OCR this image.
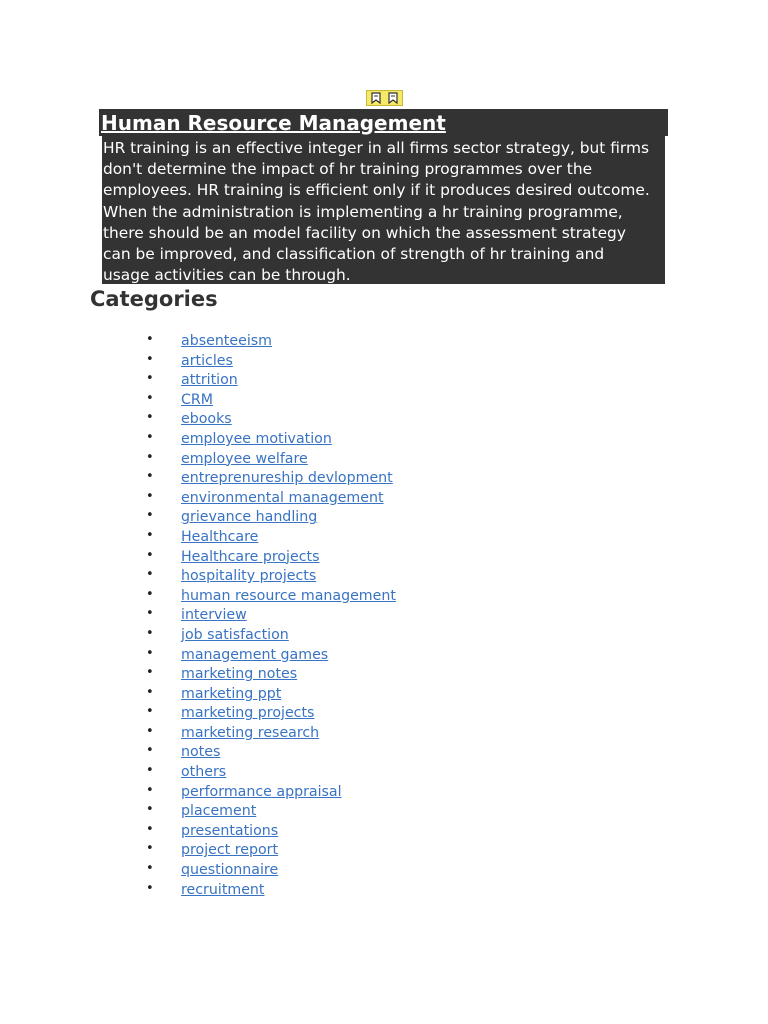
Human Resource Management

HR training is an effective integer in all firms sector strategy, but firms
don't determine the impact of hr training programmes over the
employees. HR training is efficient only if it produces desired outcome.
When the administration is implementing a hr training programme,
there should be an model facility on which the assessment strategy
can be improved, and classification of strength of hr training and
usage activities can be through.

Categories
• absenteeism
• articles
• attrition
• CRM
• ebooks
• employee motivation
• employee welfare
• entreprenureship devlopment
• environmental management
• grievance handling
• Healthcare
• Healthcare projects
• hospitality projects
• human resource management
• interview
• job satisfaction
• management games
• marketing notes
• marketing ppt
• marketing projects
• marketing research
• notes
• others
• performance appraisal
• placement
• presentations
• project report
• questionnaire
• recruitment
